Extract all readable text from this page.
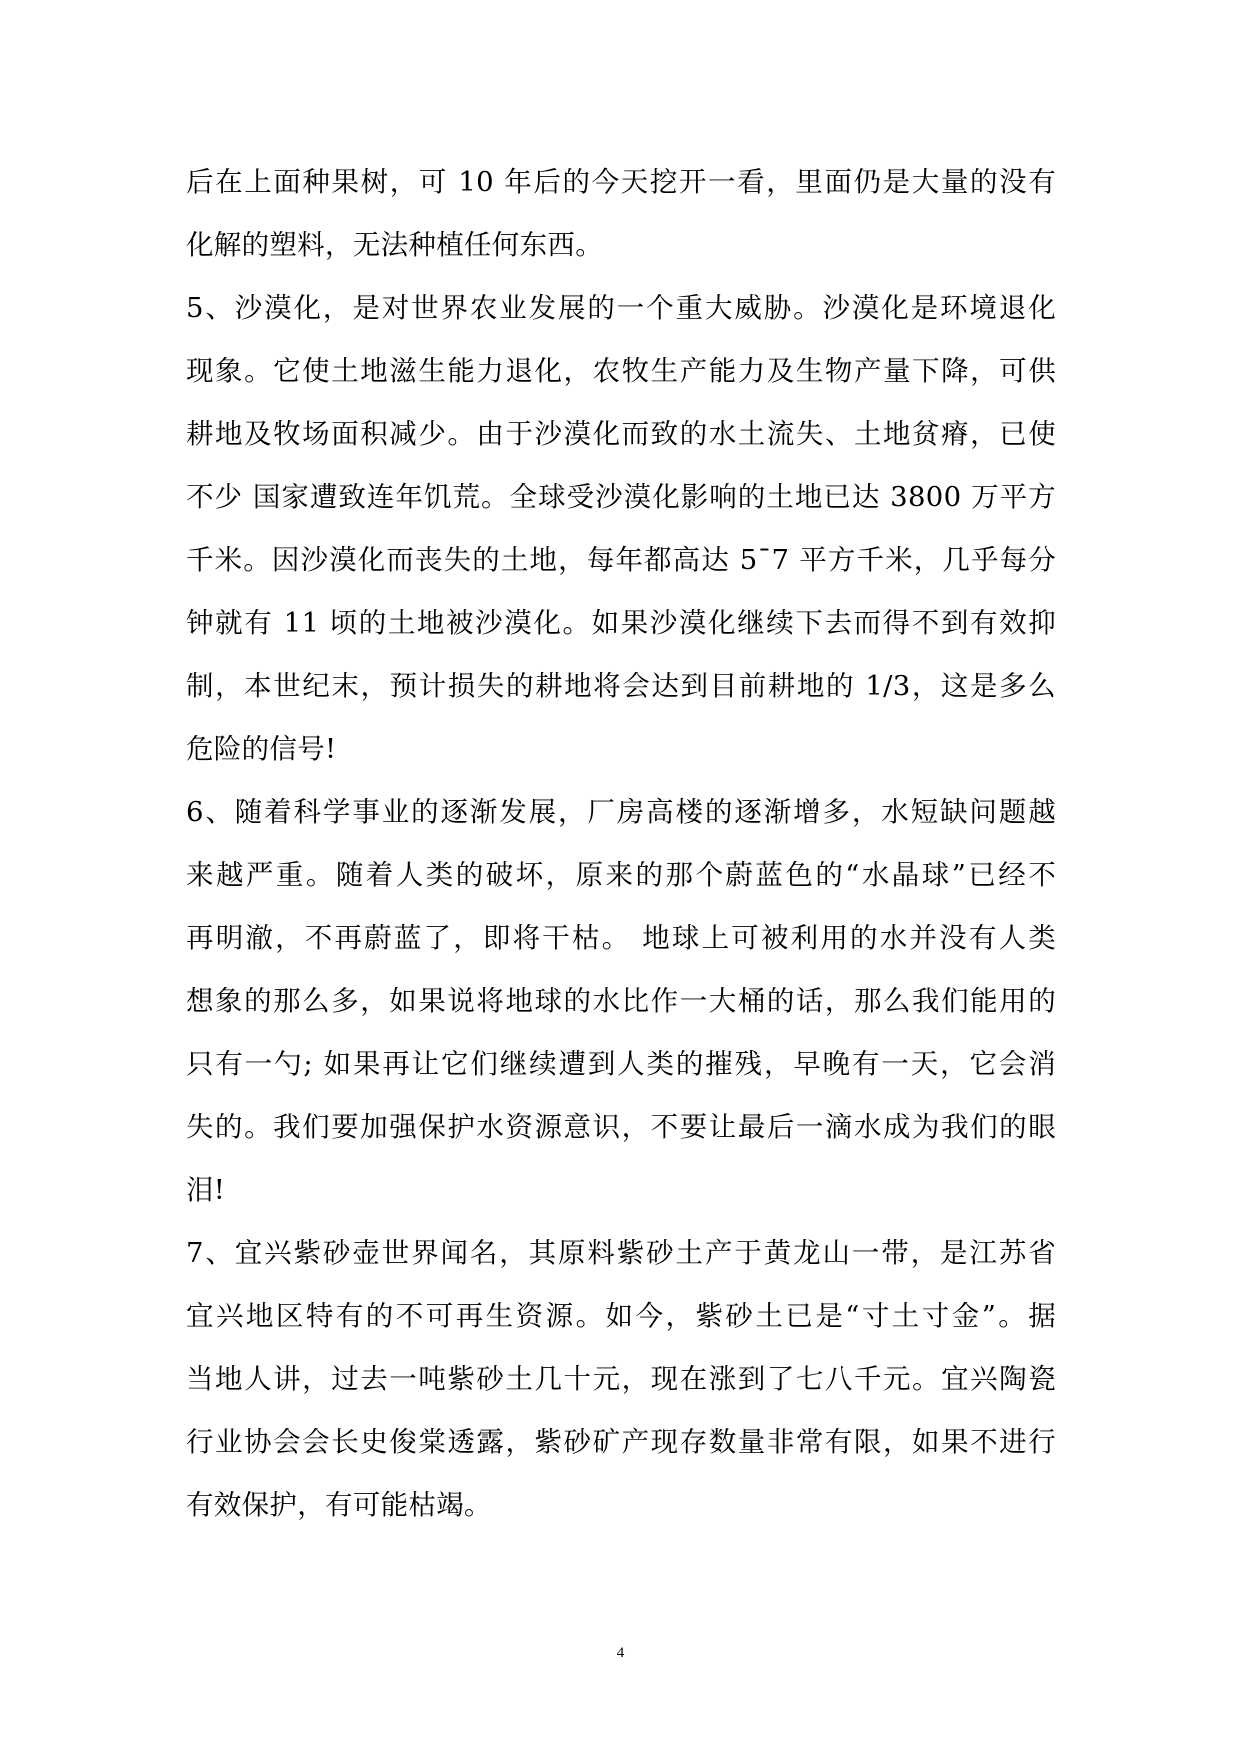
后在上面种果树，可 10 年后的今天挖开一看，里面仍是大量的没有
化解的塑料，无法种植任何东西。
5、沙漠化，是对世界农业发展的一个重大威胁。沙漠化是环境退化
现象。它使土地滋生能力退化，农牧生产能力及生物产量下降，可供
耕地及牧场面积减少。由于沙漠化而致的水土流失、土地贫瘠，已使
不少 国家遭致连年饥荒。全球受沙漠化影响的土地已达 3800 万平方
千米。因沙漠化而丧失的土地，每年都高达 5¯7 平方千米，几乎每分
钟就有 11 顷的土地被沙漠化。如果沙漠化继续下去而得不到有效抑
制，本世纪末，预计损失的耕地将会达到目前耕地的 1/3，这是多么
危险的信号!
6、随着科学事业的逐渐发展，厂房高楼的逐渐增多，水短缺问题越
来越严重。随着人类的破坏，原来的那个蔚蓝色的“水晶球”已经不
再明澈，不再蔚蓝了，即将干枯。 地球上可被利用的水并没有人类
想象的那么多，如果说将地球的水比作一大桶的话，那么我们能用的
只有一勺; 如果再让它们继续遭到人类的摧残，早晚有一天，它会消
失的。我们要加强保护水资源意识，不要让最后一滴水成为我们的眼
泪!
7、宜兴紫砂壶世界闻名，其原料紫砂土产于黄龙山一带，是江苏省
宜兴地区特有的不可再生资源。如今，紫砂土已是“寸土寸金”。据
当地人讲，过去一吨紫砂土几十元，现在涨到了七八千元。宜兴陶瓷
行业协会会长史俊棠透露，紫砂矿产现存数量非常有限，如果不进行
有效保护，有可能枯竭。
4
